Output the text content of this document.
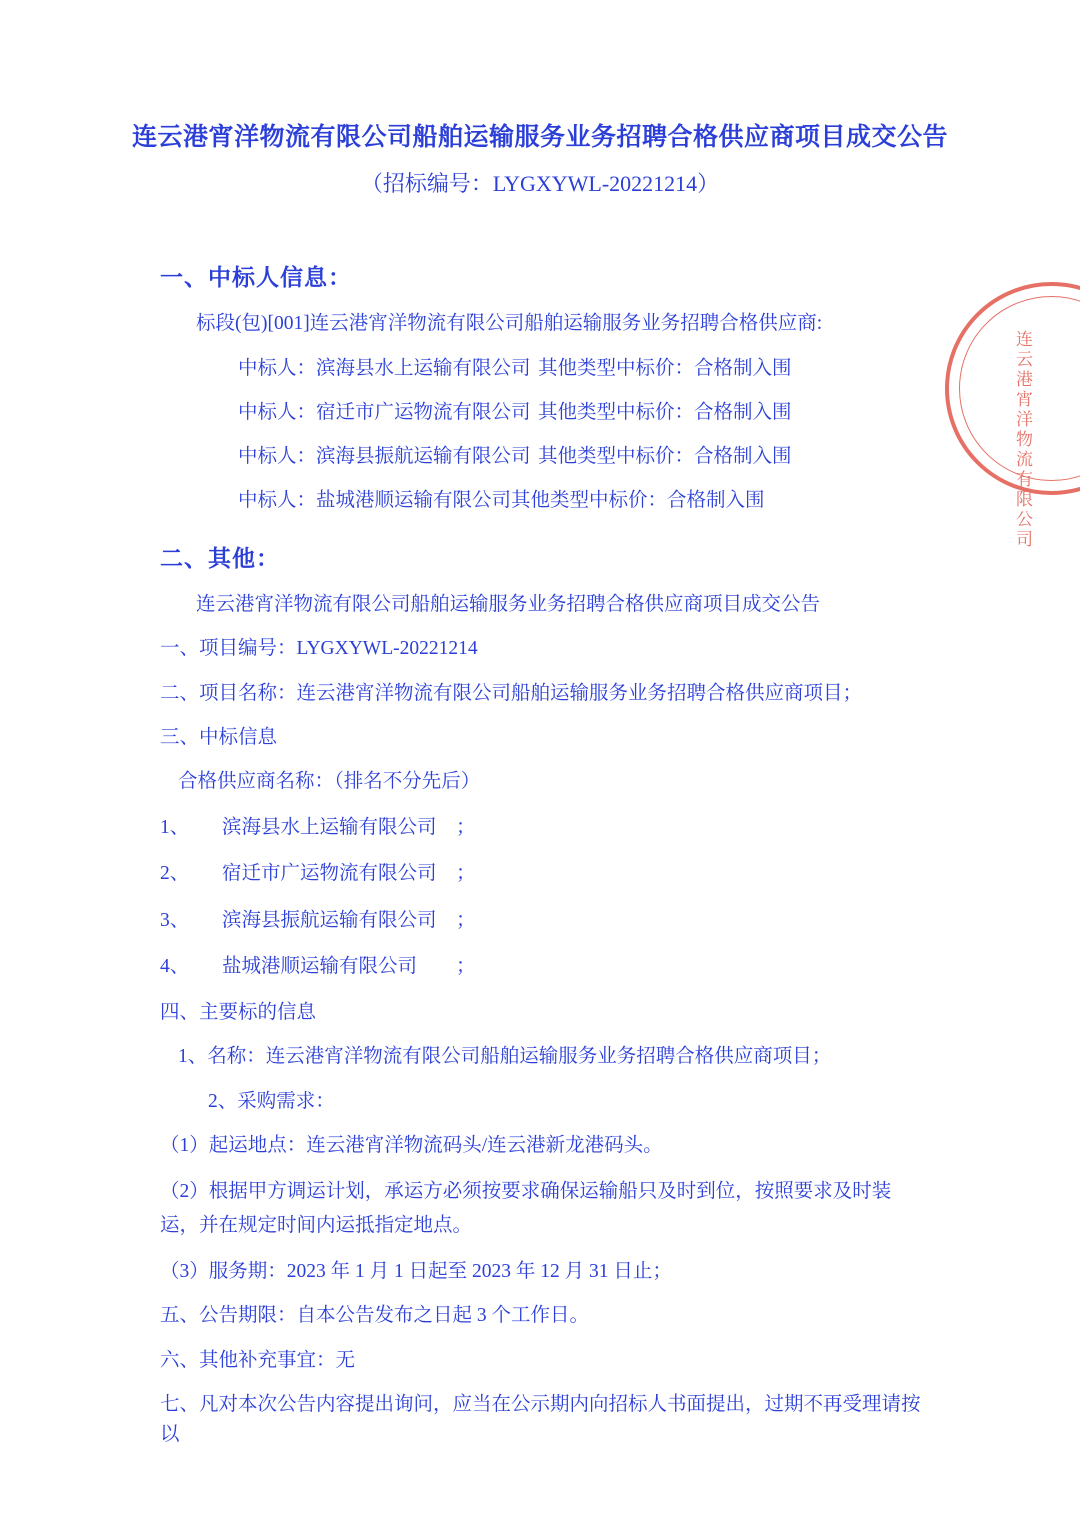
连云港宵洋物流有限公司船舶运输服务业务招聘合格供应商项目成交公告
（招标编号：LYGXYWL-20221214）
一、中标人信息：
标段(包)[001]连云港宵洋物流有限公司船舶运输服务业务招聘合格供应商:
中标人：滨海县水上运输有限公司 其他类型中标价：合格制入围
中标人：宿迁市广运物流有限公司 其他类型中标价：合格制入围
中标人：滨海县振航运输有限公司 其他类型中标价：合格制入围
中标人：盐城港顺运输有限公司 其他类型中标价：合格制入围
二、其他：
连云港宵洋物流有限公司船舶运输服务业务招聘合格供应商项目成交公告
一、项目编号：LYGXYWL-20221214
二、项目名称：连云港宵洋物流有限公司船舶运输服务业务招聘合格供应商项目；
三、中标信息
合格供应商名称：（排名不分先后）
1、	滨海县水上运输有限公司 ；
2、	宿迁市广运物流有限公司 ；
3、	滨海县振航运输有限公司 ；
4、	盐城港顺运输有限公司	；
四、主要标的信息
1、名称：连云港宵洋物流有限公司船舶运输服务业务招聘合格供应商项目；
2、采购需求：
（1）起运地点：连云港宵洋物流码头/连云港新龙港码头。
（2）根据甲方调运计划，承运方必须按要求确保运输船只及时到位，按照要求及时装运，并在规定时间内运抵指定地点。
（3）服务期：2023 年 1 月 1 日起至 2023 年 12 月 31 日止；
五、公告期限：自本公告发布之日起 3 个工作日。
六、其他补充事宜：无
七、凡对本次公告内容提出询问，应当在公示期内向招标人书面提出，过期不再受理请按以
连云港宵洋物流有限公司
